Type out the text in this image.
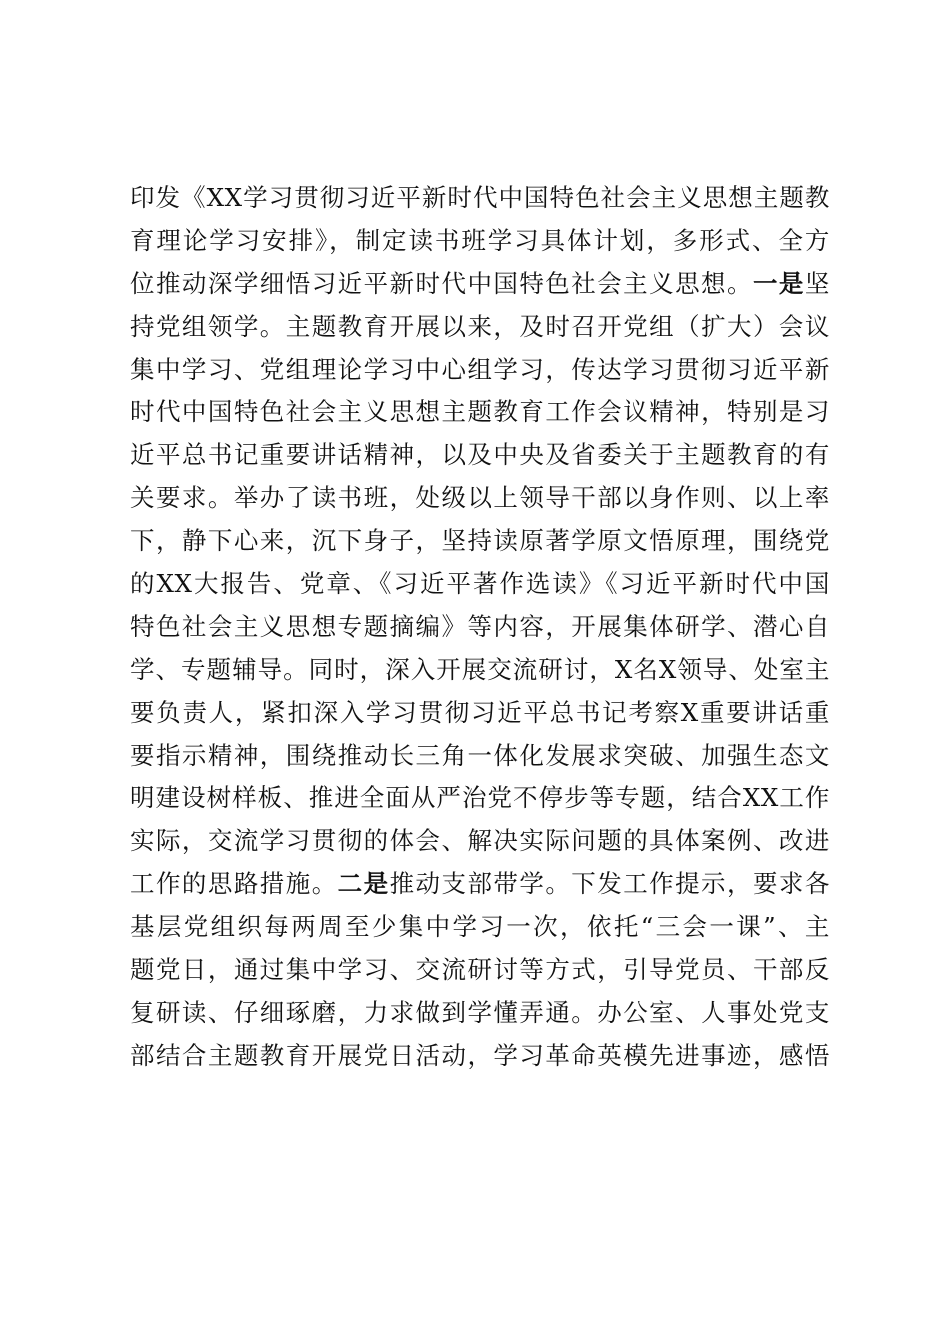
印发《XX学习贯彻习近平新时代中国特色社会主义思想主题教
育理论学习安排》，制定读书班学习具体计划，多形式、全方
位推动深学细悟习近平新时代中国特色社会主义思想。一是坚
持党组领学。主题教育开展以来，及时召开党组（扩大）会议
集中学习、党组理论学习中心组学习，传达学习贯彻习近平新
时代中国特色社会主义思想主题教育工作会议精神，特别是习
近平总书记重要讲话精神，以及中央及省委关于主题教育的有
关要求。举办了读书班，处级以上领导干部以身作则、以上率
下，静下心来，沉下身子，坚持读原著学原文悟原理，围绕党
的XX大报告、党章、《习近平著作选读》《习近平新时代中国
特色社会主义思想专题摘编》等内容，开展集体研学、潜心自
学、专题辅导。同时，深入开展交流研讨，X名X领导、处室主
要负责人，紧扣深入学习贯彻习近平总书记考察X重要讲话重
要指示精神，围绕推动长三角一体化发展求突破、加强生态文
明建设树样板、推进全面从严治党不停步等专题，结合XX工作
实际，交流学习贯彻的体会、解决实际问题的具体案例、改进
工作的思路措施。二是推动支部带学。下发工作提示，要求各
基层党组织每两周至少集中学习一次，依托“三会一课”、主
题党日，通过集中学习、交流研讨等方式，引导党员、干部反
复研读、仔细琢磨，力求做到学懂弄通。办公室、人事处党支
部结合主题教育开展党日活动，学习革命英模先进事迹，感悟
